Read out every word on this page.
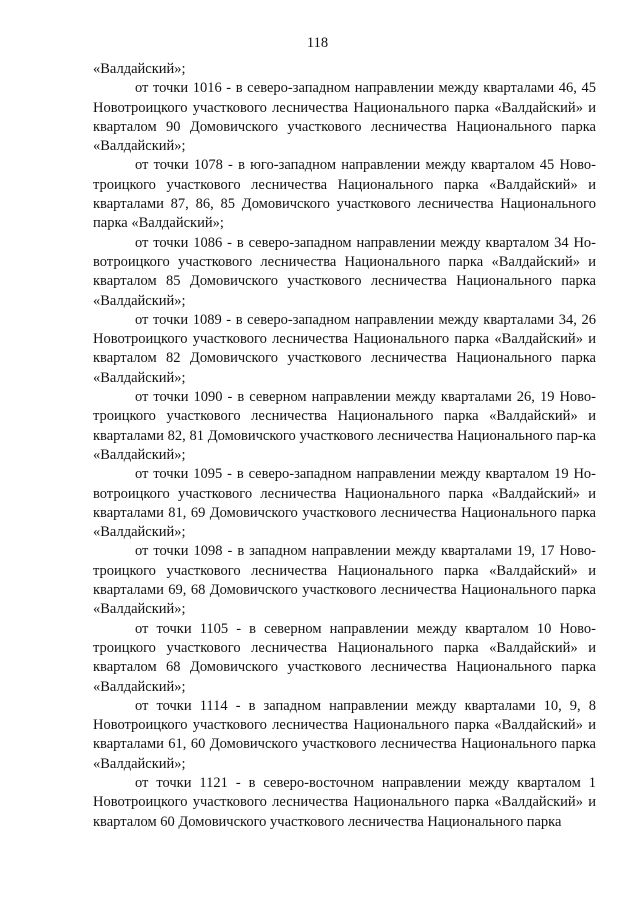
118

«Валдайский»;

от точки 1016 - в северо-западном направлении между кварталами 46, 45 Новотроицкого участкового лесничества Национального парка «Валдайский» и кварталом 90 Домовичского участкового лесничества Национального парка «Валдайский»;

от точки 1078 - в юго-западном направлении между кварталом 45 Ново-троицкого участкового лесничества Национального парка «Валдайский» и кварталами 87, 86, 85 Домовичского участкового лесничества Национального парка «Валдайский»;

от точки 1086 - в северо-западном направлении между кварталом 34 Но-вотроицкого участкового лесничества Национального парка «Валдайский» и кварталом 85 Домовичского участкового лесничества Национального парка «Валдайский»;

от точки 1089 - в северо-западном направлении между кварталами 34, 26 Новотроицкого участкового лесничества Национального парка «Валдайский» и кварталом 82 Домовичского участкового лесничества Национального парка «Валдайский»;

от точки 1090 - в северном направлении между кварталами 26, 19 Ново-троицкого участкового лесничества Национального парка «Валдайский» и кварталами 82, 81 Домовичского участкового лесничества Национального пар-ка «Валдайский»;

от точки 1095 - в северо-западном направлении между кварталом 19 Но-вотроицкого участкового лесничества Национального парка «Валдайский» и кварталами 81, 69 Домовичского участкового лесничества Национального парка «Валдайский»;

от точки 1098 - в западном направлении между кварталами 19, 17 Ново-троицкого участкового лесничества Национального парка «Валдайский» и кварталами 69, 68 Домовичского участкового лесничества Национального парка «Валдайский»;

от точки 1105 - в северном направлении между кварталом 10 Ново-троицкого участкового лесничества Национального парка «Валдайский» и кварталом 68 Домовичского участкового лесничества Национального парка «Валдайский»;

от точки 1114 - в западном направлении между кварталами 10, 9, 8 Новотроицкого участкового лесничества Национального парка «Валдайский» и кварталами 61, 60 Домовичского участкового лесничества Национального парка «Валдайский»;

от точки 1121 - в северо-восточном направлении между кварталом 1 Новотроицкого участкового лесничества Национального парка «Валдайский» и кварталом 60 Домовичского участкового лесничества Национального парка
